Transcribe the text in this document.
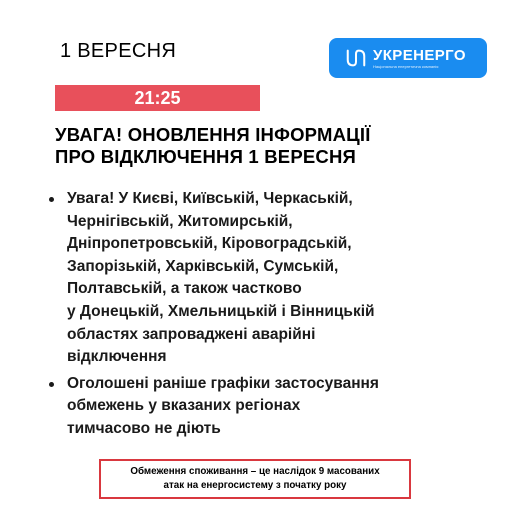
1 ВЕРЕСНЯ	УКРЕНЕРГО
Національна енергетична компанія
21:25
УВАГА! ОНОВЛЕННЯ ІНФОРМАЦІЇ
ПРО ВІДКЛЮЧЕННЯ 1 ВЕРЕСНЯ
Увага! У Києві, Київській, Черкаській,
Чернігівській, Житомирській,
Дніпропетровській, Кіровоградській,
Запорізькій, Харківській, Сумській,
Полтавській, а також частково
у Донецькій, Хмельницькій і Вінницькій
областях запроваджені аварійні
відключення
Оголошені раніше графіки застосування
обмежень у вказаних регіонах
тимчасово не діють
Обмеження споживання – це наслідок 9 масованих
атак на енергосистему з початку року
